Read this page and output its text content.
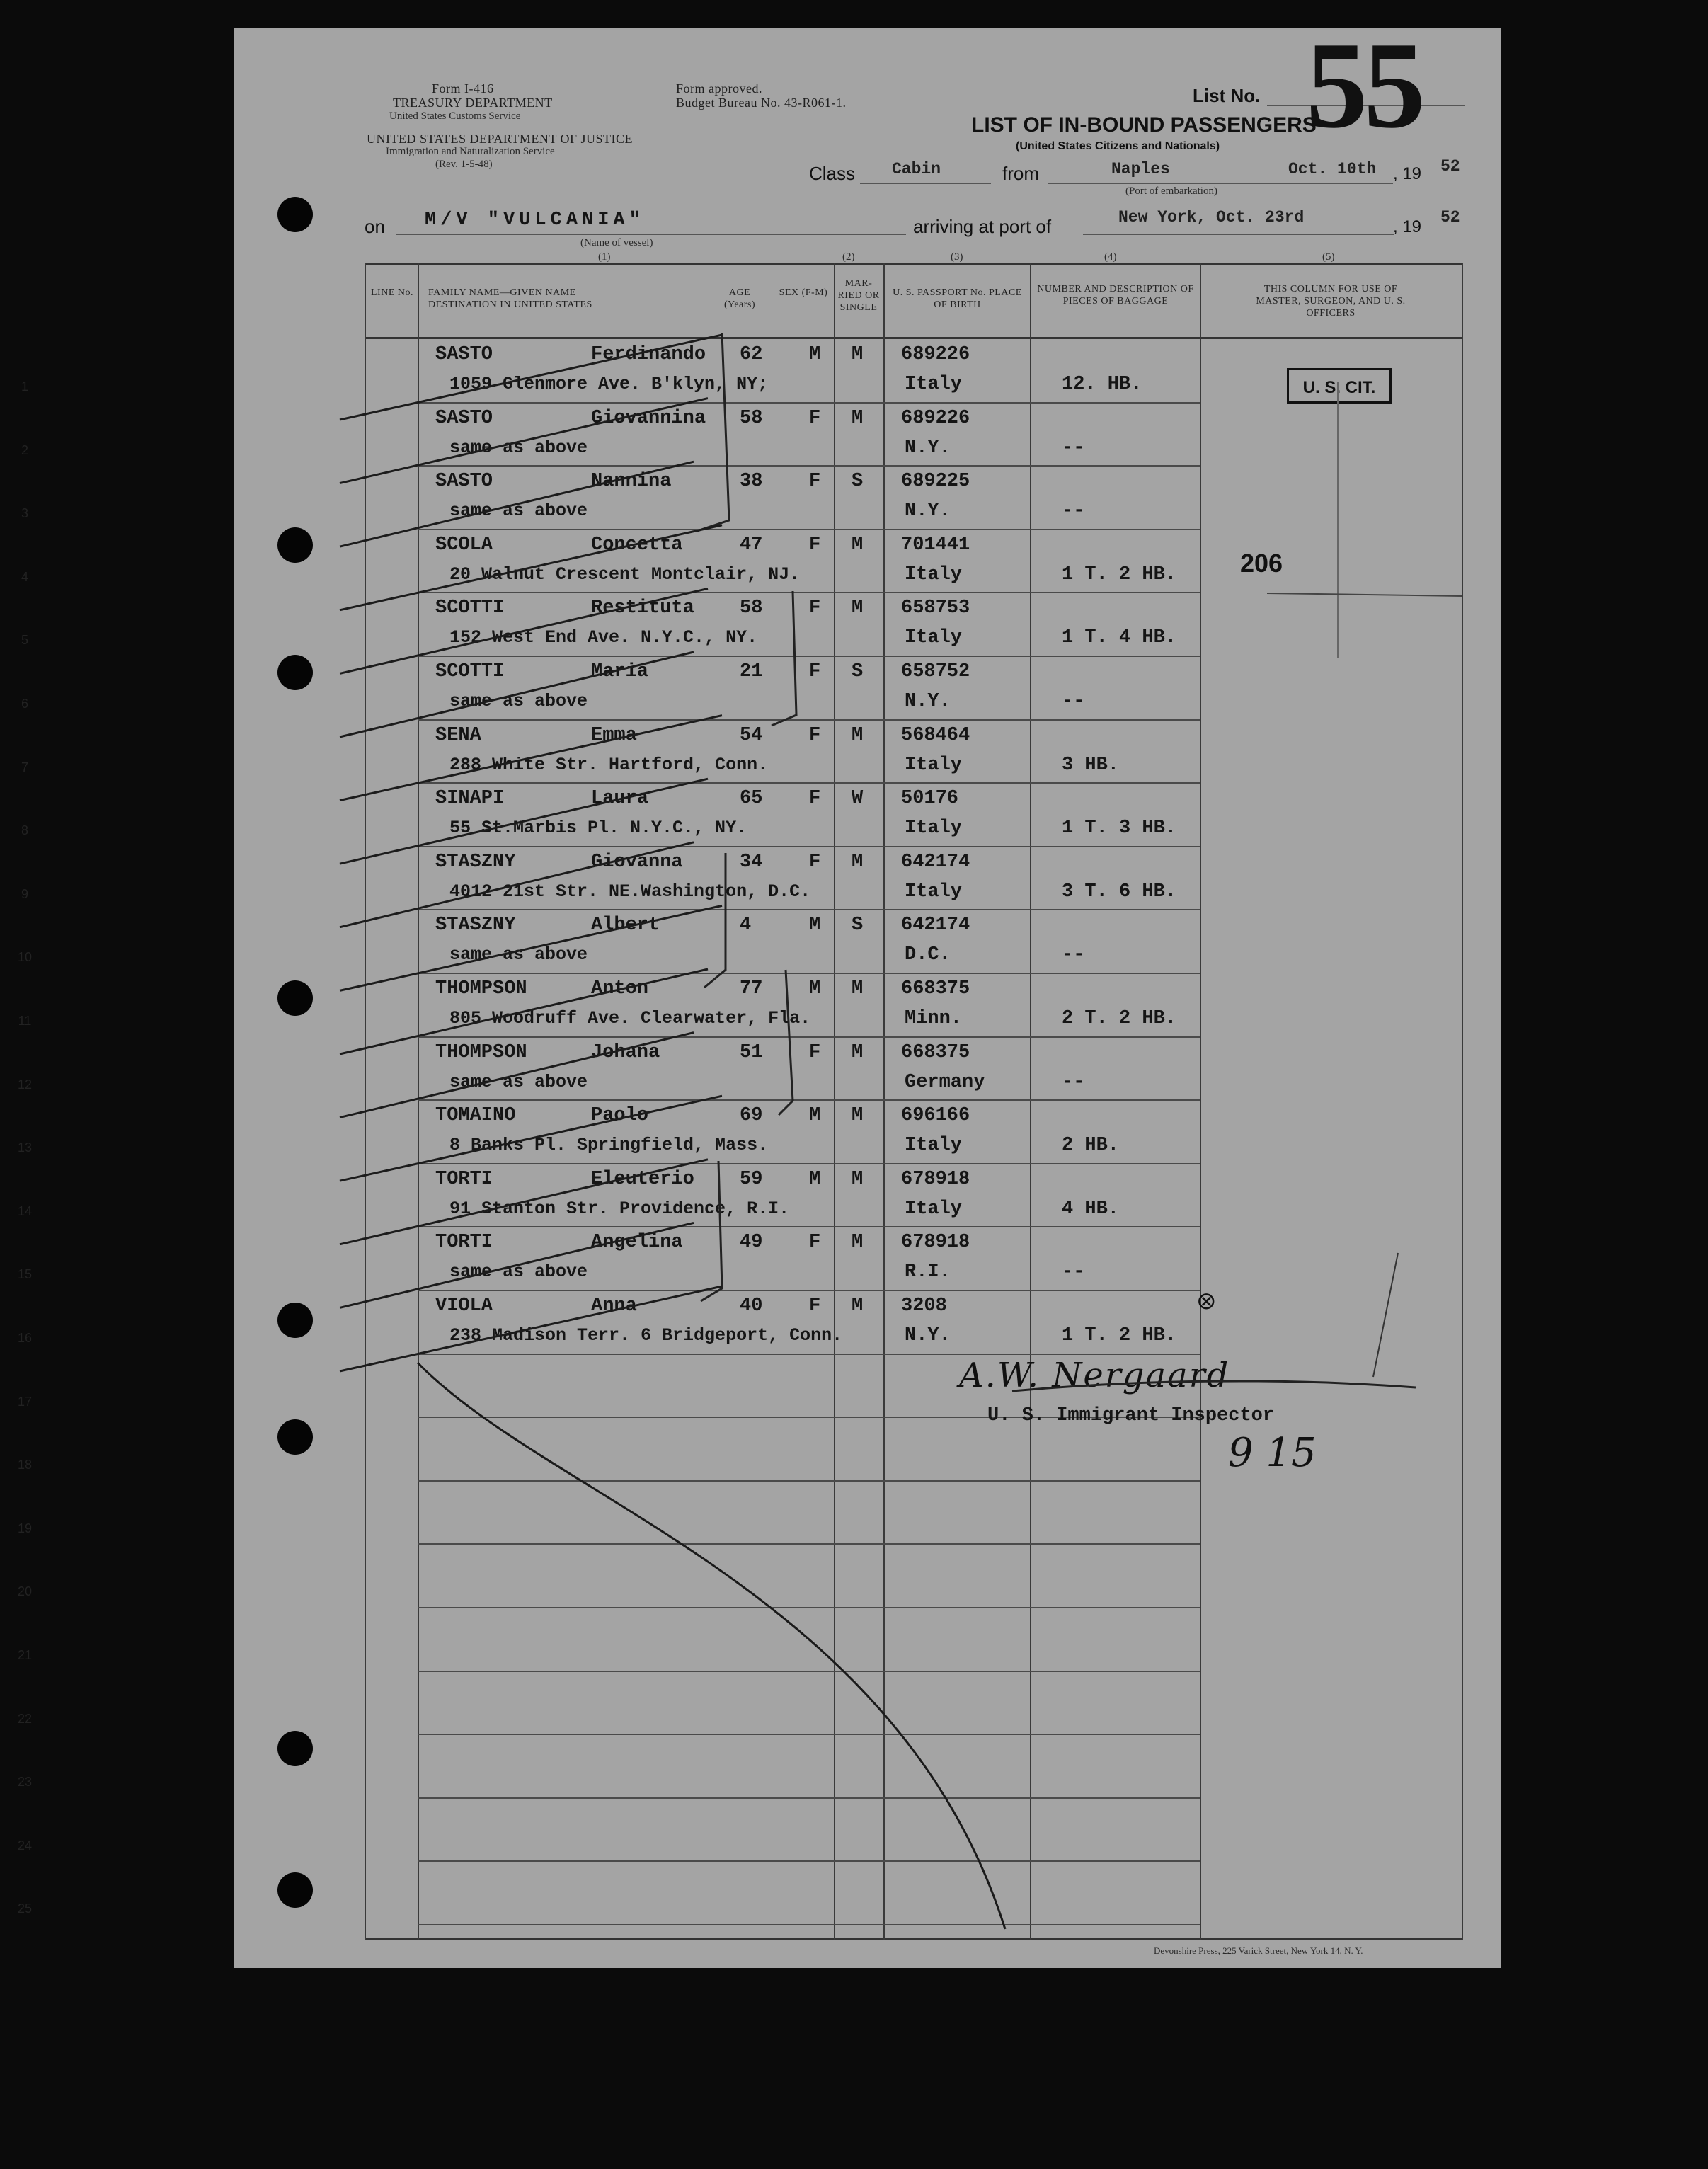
Form I-416
TREASURY DEPARTMENT
United States Customs Service
UNITED STATES DEPARTMENT OF JUSTICE
Immigration and Naturalization Service
(Rev. 1-5-48)
Form approved.
Budget Bureau No. 43-R061-1.
LIST OF IN-BOUND PASSENGERS
(United States Citizens and Nationals)
List No. 55
Class Cabin	from	Naples
(Port of embarkation)
Oct. 10th , 19 52
on M/V "VULCANIA"
(Name of vessel)
arriving at port of	New York, Oct. 23rd	, 19 52
(1)	(2)	(3)	(4)	(5)
LINE No. FAMILY NAME—GIVEN NAME DESTINATION IN UNITED STATES
AGE (Years)
SEX (F-M)
MAR-RIED OR SINGLE
U. S. PASSPORT No. PLACE OF BIRTH
NUMBER AND DESCRIPTION OF PIECES OF BAGGAGE
THIS COLUMN FOR USE OF MASTER, SURGEON, AND U. S. OFFICERS
1
SASTO	Ferdinando 62 M M 689226
1059 Glenmore Ave. B'klyn, NY;	Italy	12. HB.
2
SASTO	Giovannina 58 F M 689226
same as above	N.Y.	--
3
SASTO	Nannina	38 F S 689225
same as above	N.Y.	--
4
SCOLA	Concetta	47 F M 701441
20 Walnut Crescent Montclair, NJ.	Italy	1 T. 2 HB.
5
SCOTTI	Restituta 58 F M 658753
152 West End Ave. N.Y.C., NY.	Italy	1 T. 4 HB.
6
SCOTTI	Maria	21 F S 658752
same as above	N.Y.	--
7
SENA	Emma	54 F M 568464
288 White Str. Hartford, Conn.	Italy	3 HB.
8
SINAPI	Laura	65 F W 50176
55 St.Marbis Pl. N.Y.C., NY.	Italy	1 T. 3 HB.
9
STASZNY	Giovanna	34 F M 642174
4012 21st Str. NE.Washington, D.C.	Italy	3 T. 6 HB.
10
STASZNY	Albert	4	M S 642174
same as above	D.C.	--
11
THOMPSON	Anton	77 M M 668375
805 Woodruff Ave. Clearwater, Fla.	Minn.	2 T. 2 HB.
12
THOMPSON	Johana	51 F M 668375
same as above	Germany	--
13
TOMAINO	Paolo	69 M M 696166
8 Banks Pl. Springfield, Mass.	Italy	2 HB.
14
TORTI	Eleuterio 59 M M 678918
91 Stanton Str. Providence, R.I.	Italy	4 HB.
15
TORTI	Angelina	49 F M 678918
same as above	R.I.	--
16
VIOLA	Anna	40 F M 3208
238 Madison Terr. 6 Bridgeport, Conn.	N.Y.	1 T. 2 HB.
17
18
19
20
21
22
23
24
25
U. S. CIT.
206
⊗
A.W. Nergaard
U. S. Immigrant Inspector
9 15
Devonshire Press, 225 Varick Street, New York 14, N. Y.
